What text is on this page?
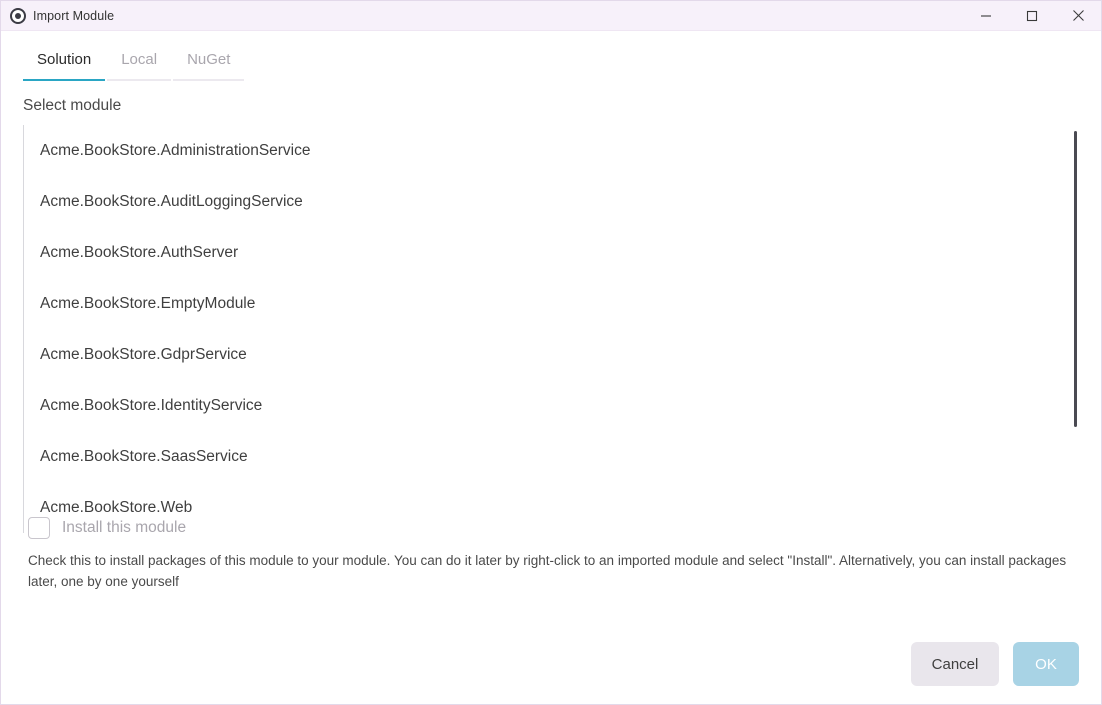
Import Module
Solution	Local	NuGet
Select module
Acme.BookStore.AdministrationService
Acme.BookStore.AuditLoggingService
Acme.BookStore.AuthServer
Acme.BookStore.EmptyModule
Acme.BookStore.GdprService
Acme.BookStore.IdentityService
Acme.BookStore.SaasService
Acme.BookStore.Web
Install this module
Check this to install packages of this module to your module. You can do it later by right-click to an imported module and select "Install". Alternatively, you can install packages later, one by one yourself
Cancel	OK
